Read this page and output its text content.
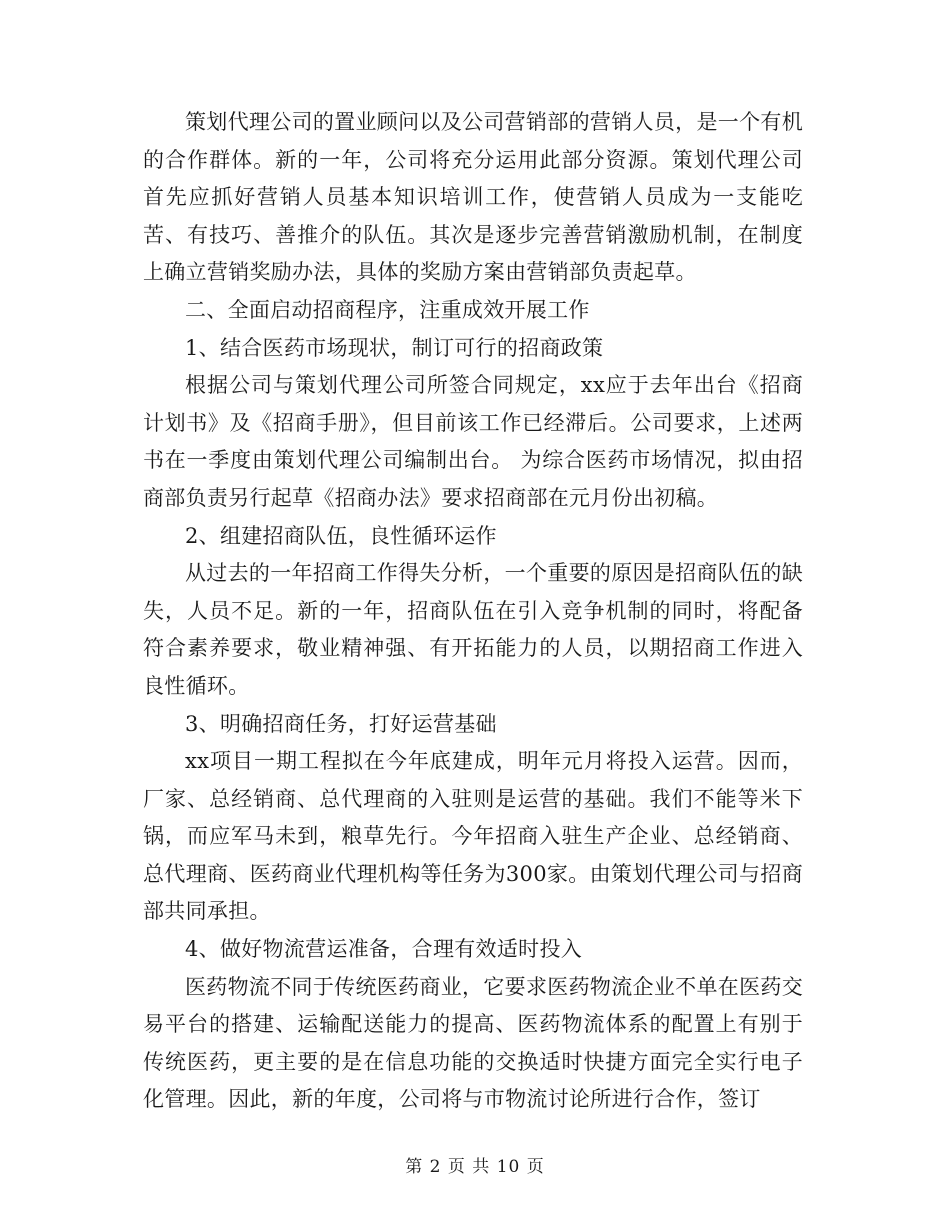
策划代理公司的置业顾问以及公司营销部的营销人员，是一个有机的合作群体。新的一年，公司将充分运用此部分资源。策划代理公司首先应抓好营销人员基本知识培训工作，使营销人员成为一支能吃苦、有技巧、善推介的队伍。其次是逐步完善营销激励机制，在制度上确立营销奖励办法，具体的奖励方案由营销部负责起草。

二、全面启动招商程序，注重成效开展工作

1、结合医药市场现状，制订可行的招商政策

根据公司与策划代理公司所签合同规定，xx应于去年出台《招商计划书》及《招商手册》，但目前该工作已经滞后。公司要求，上述两书在一季度由策划代理公司编制出台。 为综合医药市场情况，拟由招商部负责另行起草《招商办法》要求招商部在元月份出初稿。

2、组建招商队伍，良性循环运作

从过去的一年招商工作得失分析，一个重要的原因是招商队伍的缺失，人员不足。新的一年，招商队伍在引入竞争机制的同时，将配备符合素养要求，敬业精神强、有开拓能力的人员，以期招商工作进入良性循环。

3、明确招商任务，打好运营基础

xx项目一期工程拟在今年底建成，明年元月将投入运营。因而，厂家、总经销商、总代理商的入驻则是运营的基础。我们不能等米下锅，而应军马未到，粮草先行。今年招商入驻生产企业、总经销商、总代理商、医药商业代理机构等任务为300家。由策划代理公司与招商部共同承担。

4、做好物流营运准备，合理有效适时投入

医药物流不同于传统医药商业，它要求医药物流企业不单在医药交易平台的搭建、运输配送能力的提高、医药物流体系的配置上有别于传统医药，更主要的是在信息功能的交换适时快捷方面完全实行电子化管理。因此，新的年度，公司将与市物流讨论所进行合作，签订

第 2 页 共 10 页
